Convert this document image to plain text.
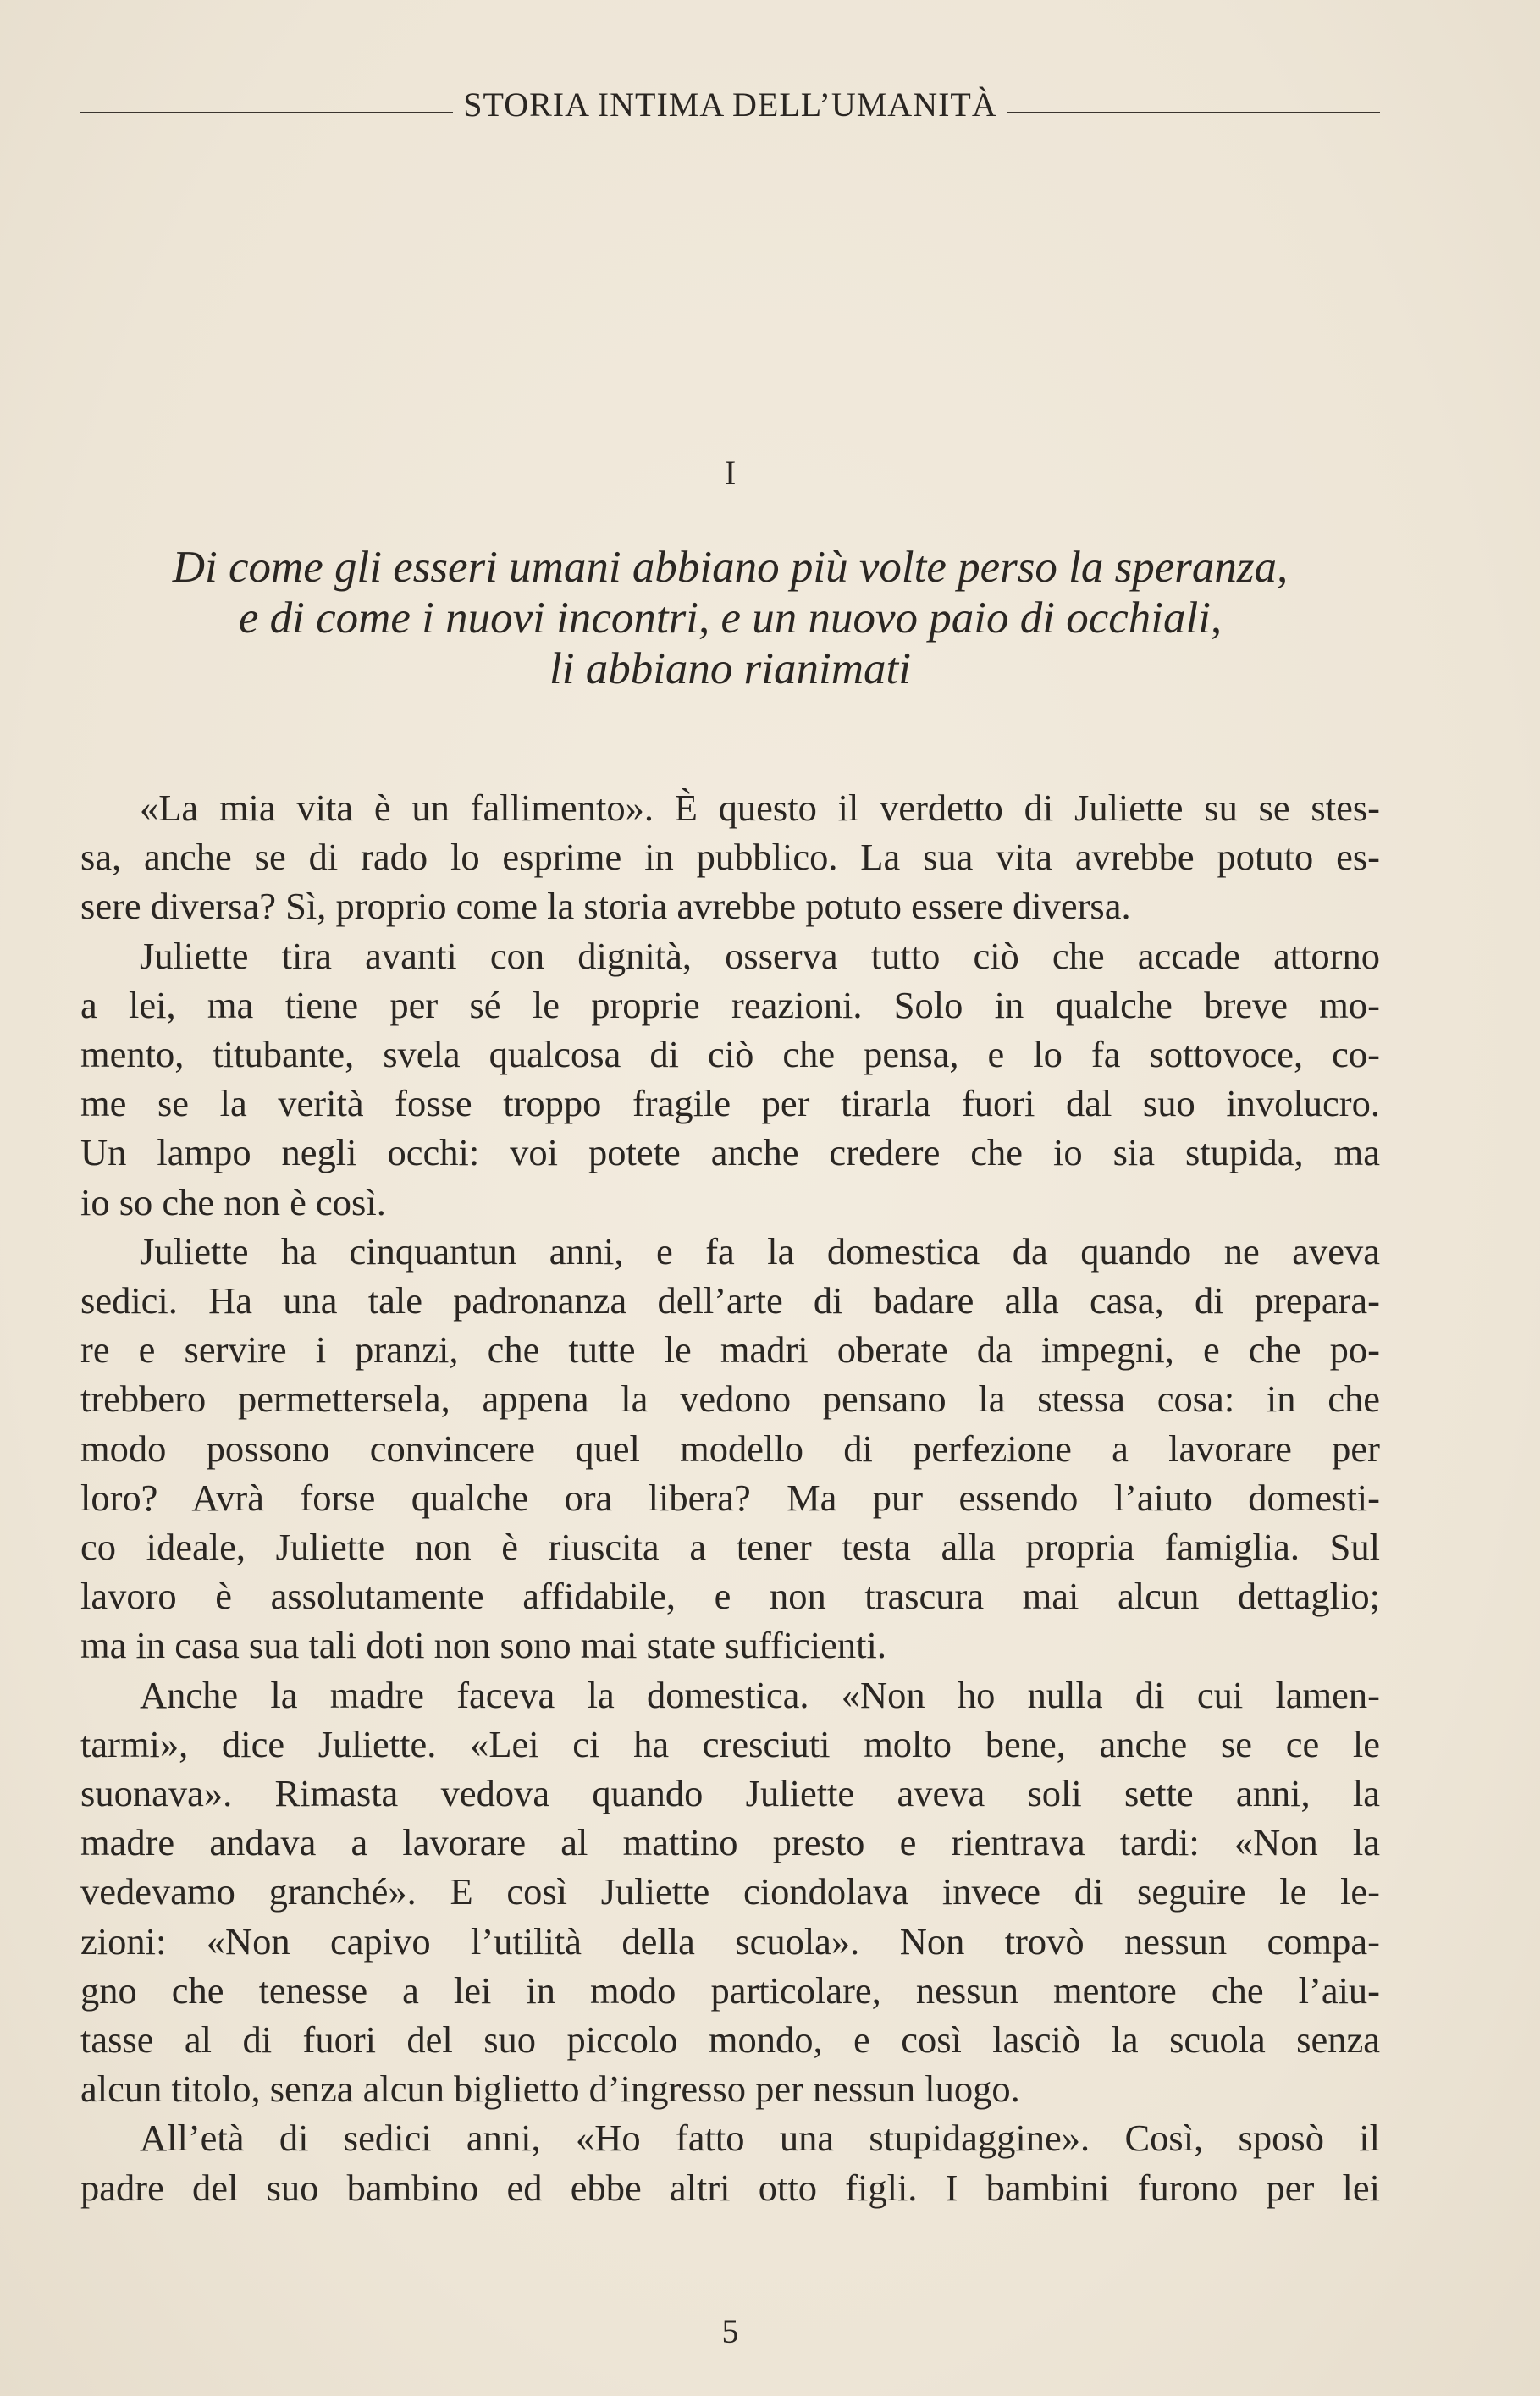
STORIA INTIMA DELL’UMANITÀ
I
Di come gli esseri umani abbiano più volte perso la speranza,
e di come i nuovi incontri, e un nuovo paio di occhiali,
li abbiano rianimati

«La mia vita è un fallimento». È questo il verdetto di Juliette su se stes-

sa, anche se di rado lo esprime in pubblico. La sua vita avrebbe potuto es-

sere diversa? Sì, proprio come la storia avrebbe potuto essere diversa.

Juliette tira avanti con dignità, osserva tutto ciò che accade attorno

a lei, ma tiene per sé le proprie reazioni. Solo in qualche breve mo-

mento, titubante, svela qualcosa di ciò che pensa, e lo fa sottovoce, co-

me se la verità fosse troppo fragile per tirarla fuori dal suo involucro.

Un lampo negli occhi: voi potete anche credere che io sia stupida, ma

io so che non è così.

Juliette ha cinquantun anni, e fa la domestica da quando ne aveva

sedici. Ha una tale padronanza dell’arte di badare alla casa, di prepara-

re e servire i pranzi, che tutte le madri oberate da impegni, e che po-

trebbero permettersela, appena la vedono pensano la stessa cosa: in che

modo possono convincere quel modello di perfezione a lavorare per

loro? Avrà forse qualche ora libera? Ma pur essendo l’aiuto domesti-

co ideale, Juliette non è riuscita a tener testa alla propria famiglia. Sul

lavoro è assolutamente affidabile, e non trascura mai alcun dettaglio;

ma in casa sua tali doti non sono mai state sufficienti.

Anche la madre faceva la domestica. «Non ho nulla di cui lamen-

tarmi», dice Juliette. «Lei ci ha cresciuti molto bene, anche se ce le

suonava». Rimasta vedova quando Juliette aveva soli sette anni, la

madre andava a lavorare al mattino presto e rientrava tardi: «Non la

vedevamo granché». E così Juliette ciondolava invece di seguire le le-

zioni: «Non capivo l’utilità della scuola». Non trovò nessun compa-

gno che tenesse a lei in modo particolare, nessun mentore che l’aiu-

tasse al di fuori del suo piccolo mondo, e così lasciò la scuola senza

alcun titolo, senza alcun biglietto d’ingresso per nessun luogo.

All’età di sedici anni, «Ho fatto una stupidaggine». Così, sposò il

padre del suo bambino ed ebbe altri otto figli. I bambini furono per lei

5
